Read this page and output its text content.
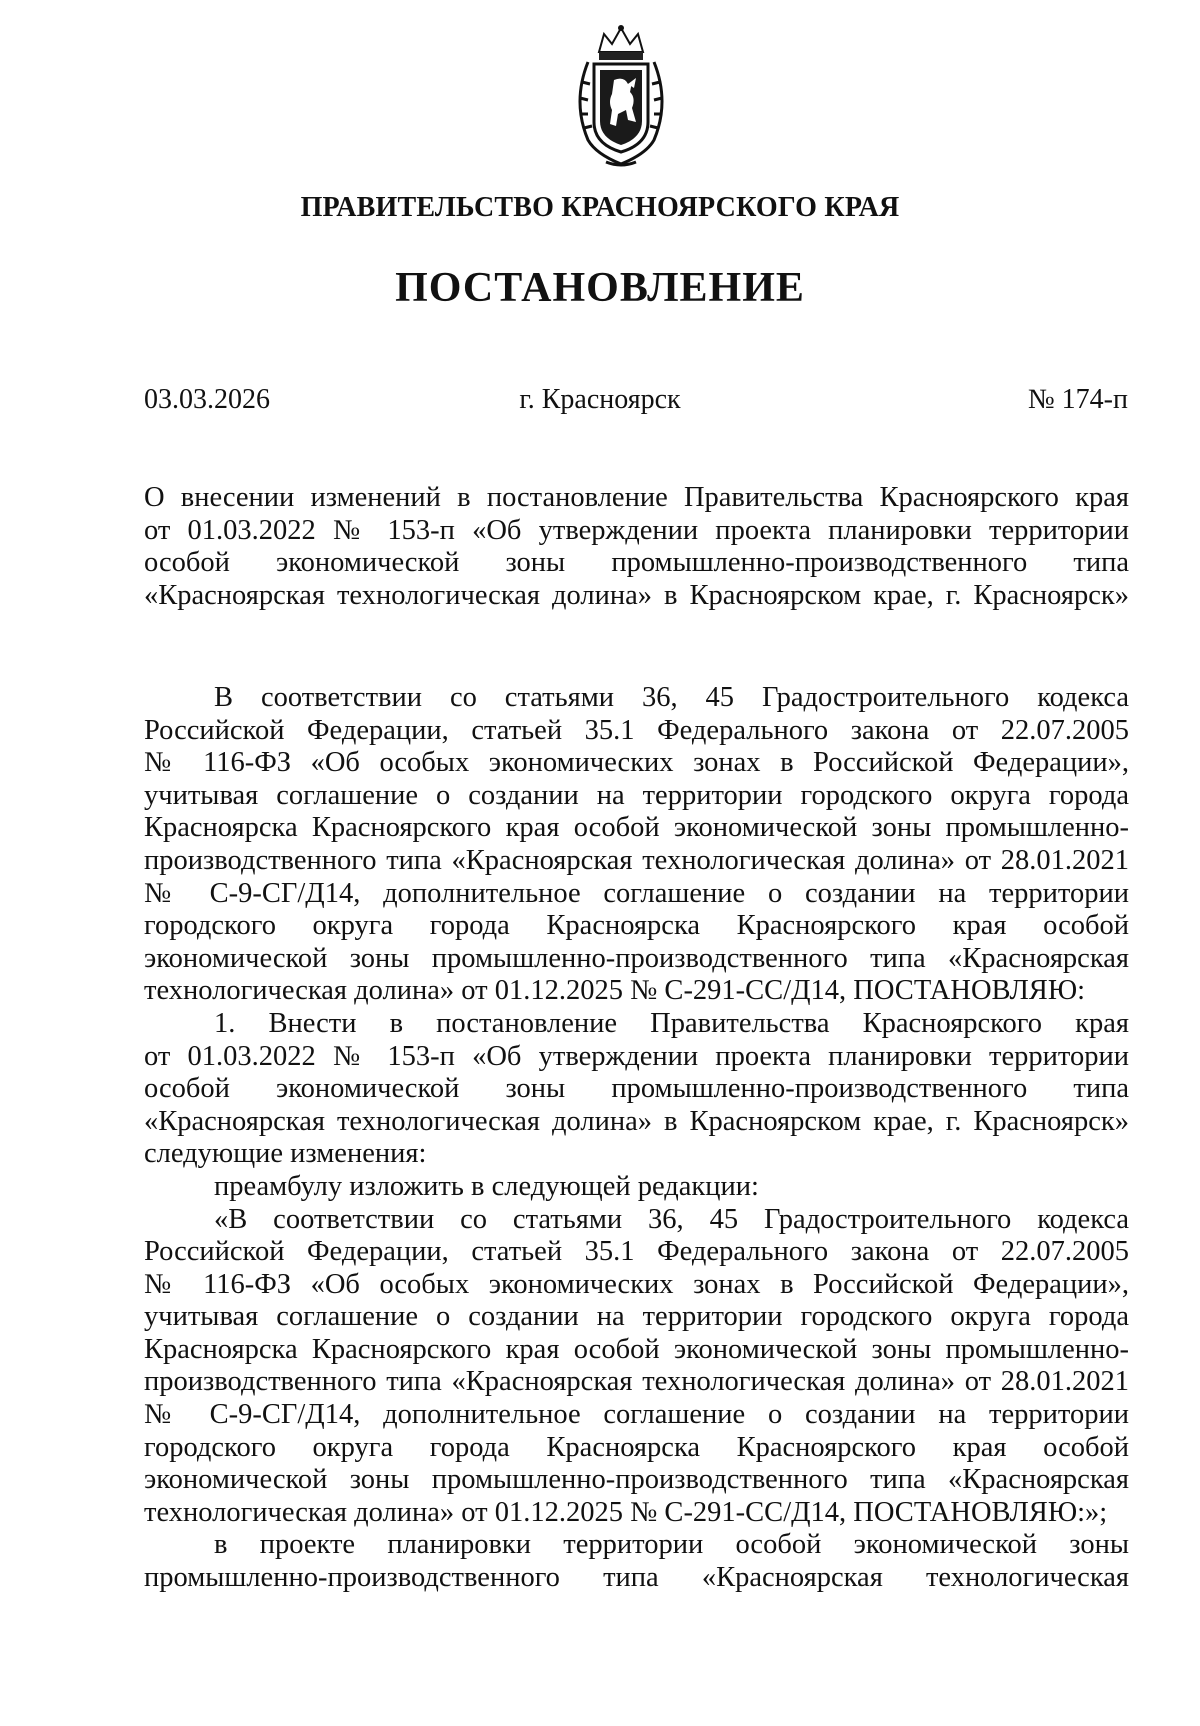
ПРАВИТЕЛЬСТВО КРАСНОЯРСКОГО КРАЯ
ПОСТАНОВЛЕНИЕ
03.03.2026	г. Красноярск	№ 174-п
О внесении изменений в постановление Правительства Красноярского края
от 01.03.2022 № 153-п «Об утверждении проекта планировки территории
особой экономической зоны промышленно-производственного типа
«Красноярская технологическая долина» в Красноярском крае, г. Красноярск»
В соответствии со статьями 36, 45 Градостроительного кодекса
Российской Федерации, статьей 35.1 Федерального закона от 22.07.2005
№ 116-ФЗ «Об особых экономических зонах в Российской Федерации»,
учитывая соглашение о создании на территории городского округа города
Красноярска Красноярского края особой экономической зоны промышленно-
производственного типа «Красноярская технологическая долина» от 28.01.2021
№ С-9-СГ/Д14, дополнительное соглашение о создании на территории
городского округа города Красноярска Красноярского края особой
экономической зоны промышленно-производственного типа «Красноярская
технологическая долина» от 01.12.2025 № С-291-СС/Д14, ПОСТАНОВЛЯЮ:
1. Внести в постановление Правительства Красноярского края
от 01.03.2022 № 153-п «Об утверждении проекта планировки территории
особой экономической зоны промышленно-производственного типа
«Красноярская технологическая долина» в Красноярском крае, г. Красноярск»
следующие изменения:
преамбулу изложить в следующей редакции:
«В соответствии со статьями 36, 45 Градостроительного кодекса
Российской Федерации, статьей 35.1 Федерального закона от 22.07.2005
№ 116-ФЗ «Об особых экономических зонах в Российской Федерации»,
учитывая соглашение о создании на территории городского округа города
Красноярска Красноярского края особой экономической зоны промышленно-
производственного типа «Красноярская технологическая долина» от 28.01.2021
№ С-9-СГ/Д14, дополнительное соглашение о создании на территории
городского округа города Красноярска Красноярского края особой
экономической зоны промышленно-производственного типа «Красноярская
технологическая долина» от 01.12.2025 № С-291-СС/Д14, ПОСТАНОВЛЯЮ:»;
в проекте планировки территории особой экономической зоны
промышленно-производственного типа «Красноярская технологическая
